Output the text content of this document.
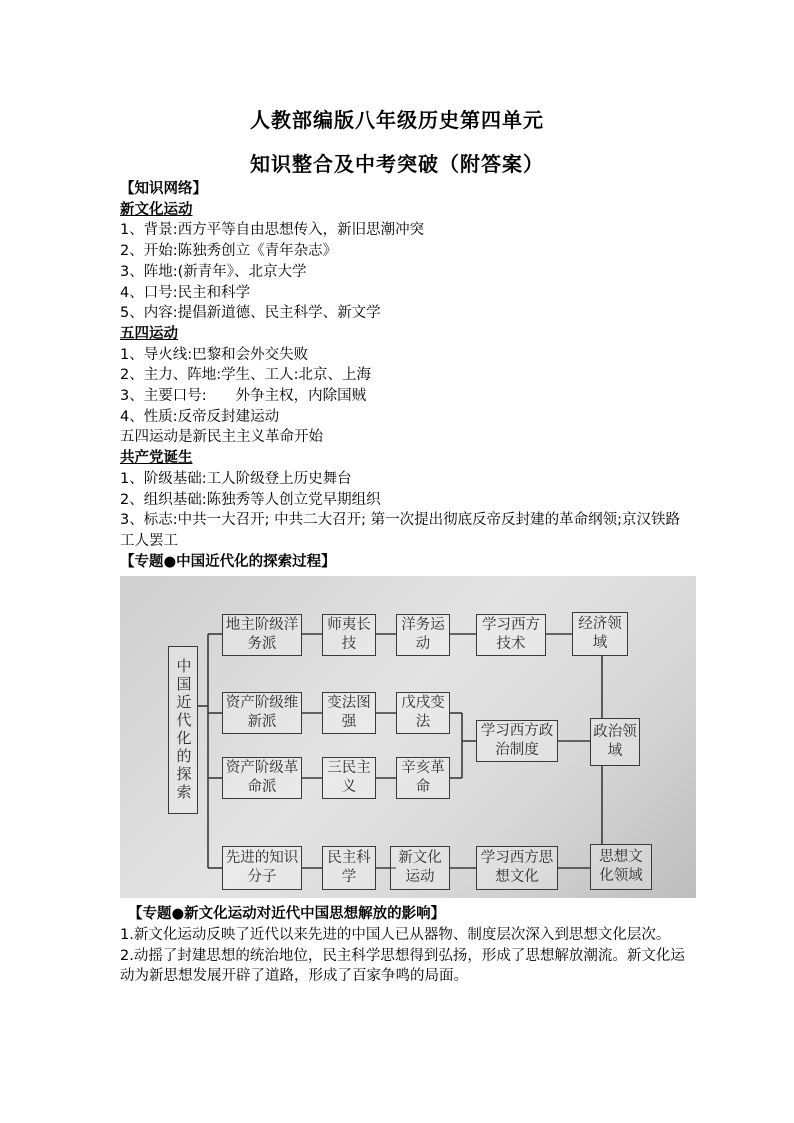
人教部编版八年级历史第四单元
知识整合及中考突破（附答案）
【知识网络】
新文化运动
1、背景:西方平等自由思想传入，新旧思潮冲突
2、开始:陈独秀创立《青年杂志》
3、阵地:(新青年》、北京大学
4、口号:民主和科学
5、内容:提倡新道德、民主科学、新文学
五四运动
1、导火线:巴黎和会外交失败
2、主力、阵地:学生、工人:北京、上海
3、主要口号:　　外争主权，内除国贼
4、性质:反帝反封建运动
五四运动是新民主主义革命开始
共产党诞生
1、阶级基础:工人阶级登上历史舞台
2、组织基础:陈独秀等人创立党早期组织
3、标志:中共一大召开; 中共二大召开; 第一次提出彻底反帝反封建的革命纲领;京汉铁路工人罢工
【专题●中国近代化的探索过程】
中国近代化的探索
地主阶级洋务派
资产阶级维新派
资产阶级革命派
先进的知识分子
师夷长技
变法图强
三民主义
民主科学
洋务运动
戊戌变法
辛亥革命
新文化运动
学习西方技术
学习西方政治制度
学习西方思想文化
经济领域
政治领域
思想文化领域
【专题●新文化运动对近代中国思想解放的影响】
1.新文化运动反映了近代以来先进的中国人已从器物、制度层次深入到思想文化层次。
2.动摇了封建思想的统治地位，民主科学思想得到弘扬，形成了思想解放潮流。新文化运动为新思想发展开辟了道路，形成了百家争鸣的局面。
